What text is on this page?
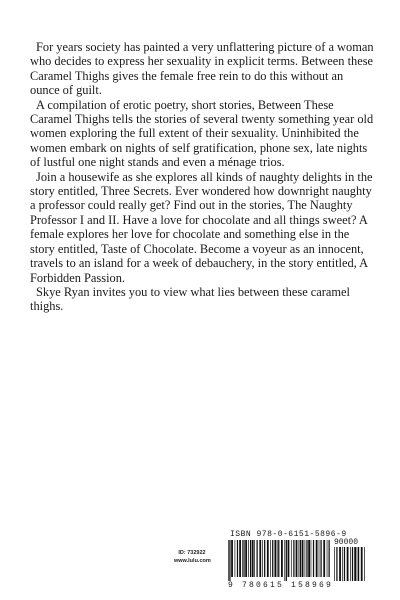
For years society has painted a very unflattering picture of a woman who decides to express her sexuality in explicit terms. Between these Caramel Thighs gives the female free rein to do this without an ounce of guilt.

A compilation of erotic poetry, short stories, Between These Caramel Thighs tells the stories of several twenty something year old women exploring the full extent of their sexuality. Uninhibited the women embark on nights of self gratification, phone sex, late nights of lustful one night stands and even a ménage trios.

Join a housewife as she explores all kinds of naughty delights in the story entitled, Three Secrets. Ever wondered how downright naughty a professor could really get? Find out in the stories, The Naughty Professor I and II. Have a love for chocolate and all things sweet? A female explores her love for chocolate and something else in the story entitled, Taste of Chocolate. Become a voyeur as an innocent, travels to an island for a week of debauchery, in the story entitled, A Forbidden Passion.

Skye Ryan invites you to view what lies between these caramel thighs.

ID: 732922
www.lulu.com
ISBN 978-0-6151-5896-9
90000
9 780615 158969
